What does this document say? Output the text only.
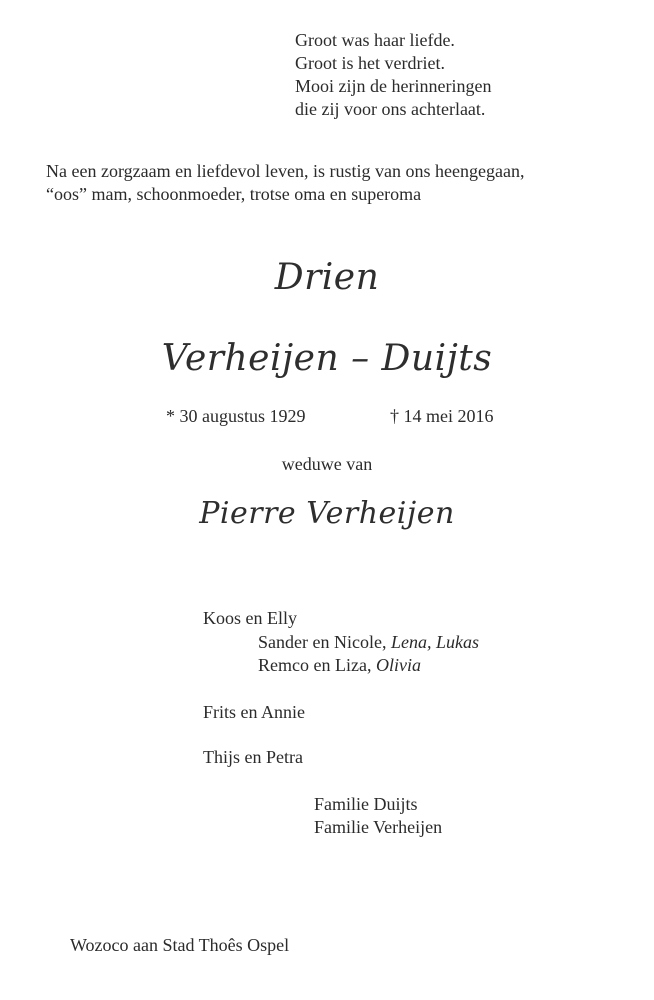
Groot was haar liefde.
Groot is het verdriet.
Mooi zijn de herinneringen
die zij voor ons achterlaat.
Na een zorgzaam en liefdevol leven, is rustig van ons heengegaan,
“oos” mam, schoonmoeder, trotse oma en superoma
Drien
Verheijen – Duijts
* 30 augustus 1929	† 14 mei 2016
weduwe van
Pierre Verheijen
Koos en Elly
Sander en Nicole, Lena, Lukas
Remco en Liza, Olivia
Frits en Annie
Thijs en Petra
Familie Duijts
Familie Verheijen
Wozoco aan Stad Thoês Ospel
